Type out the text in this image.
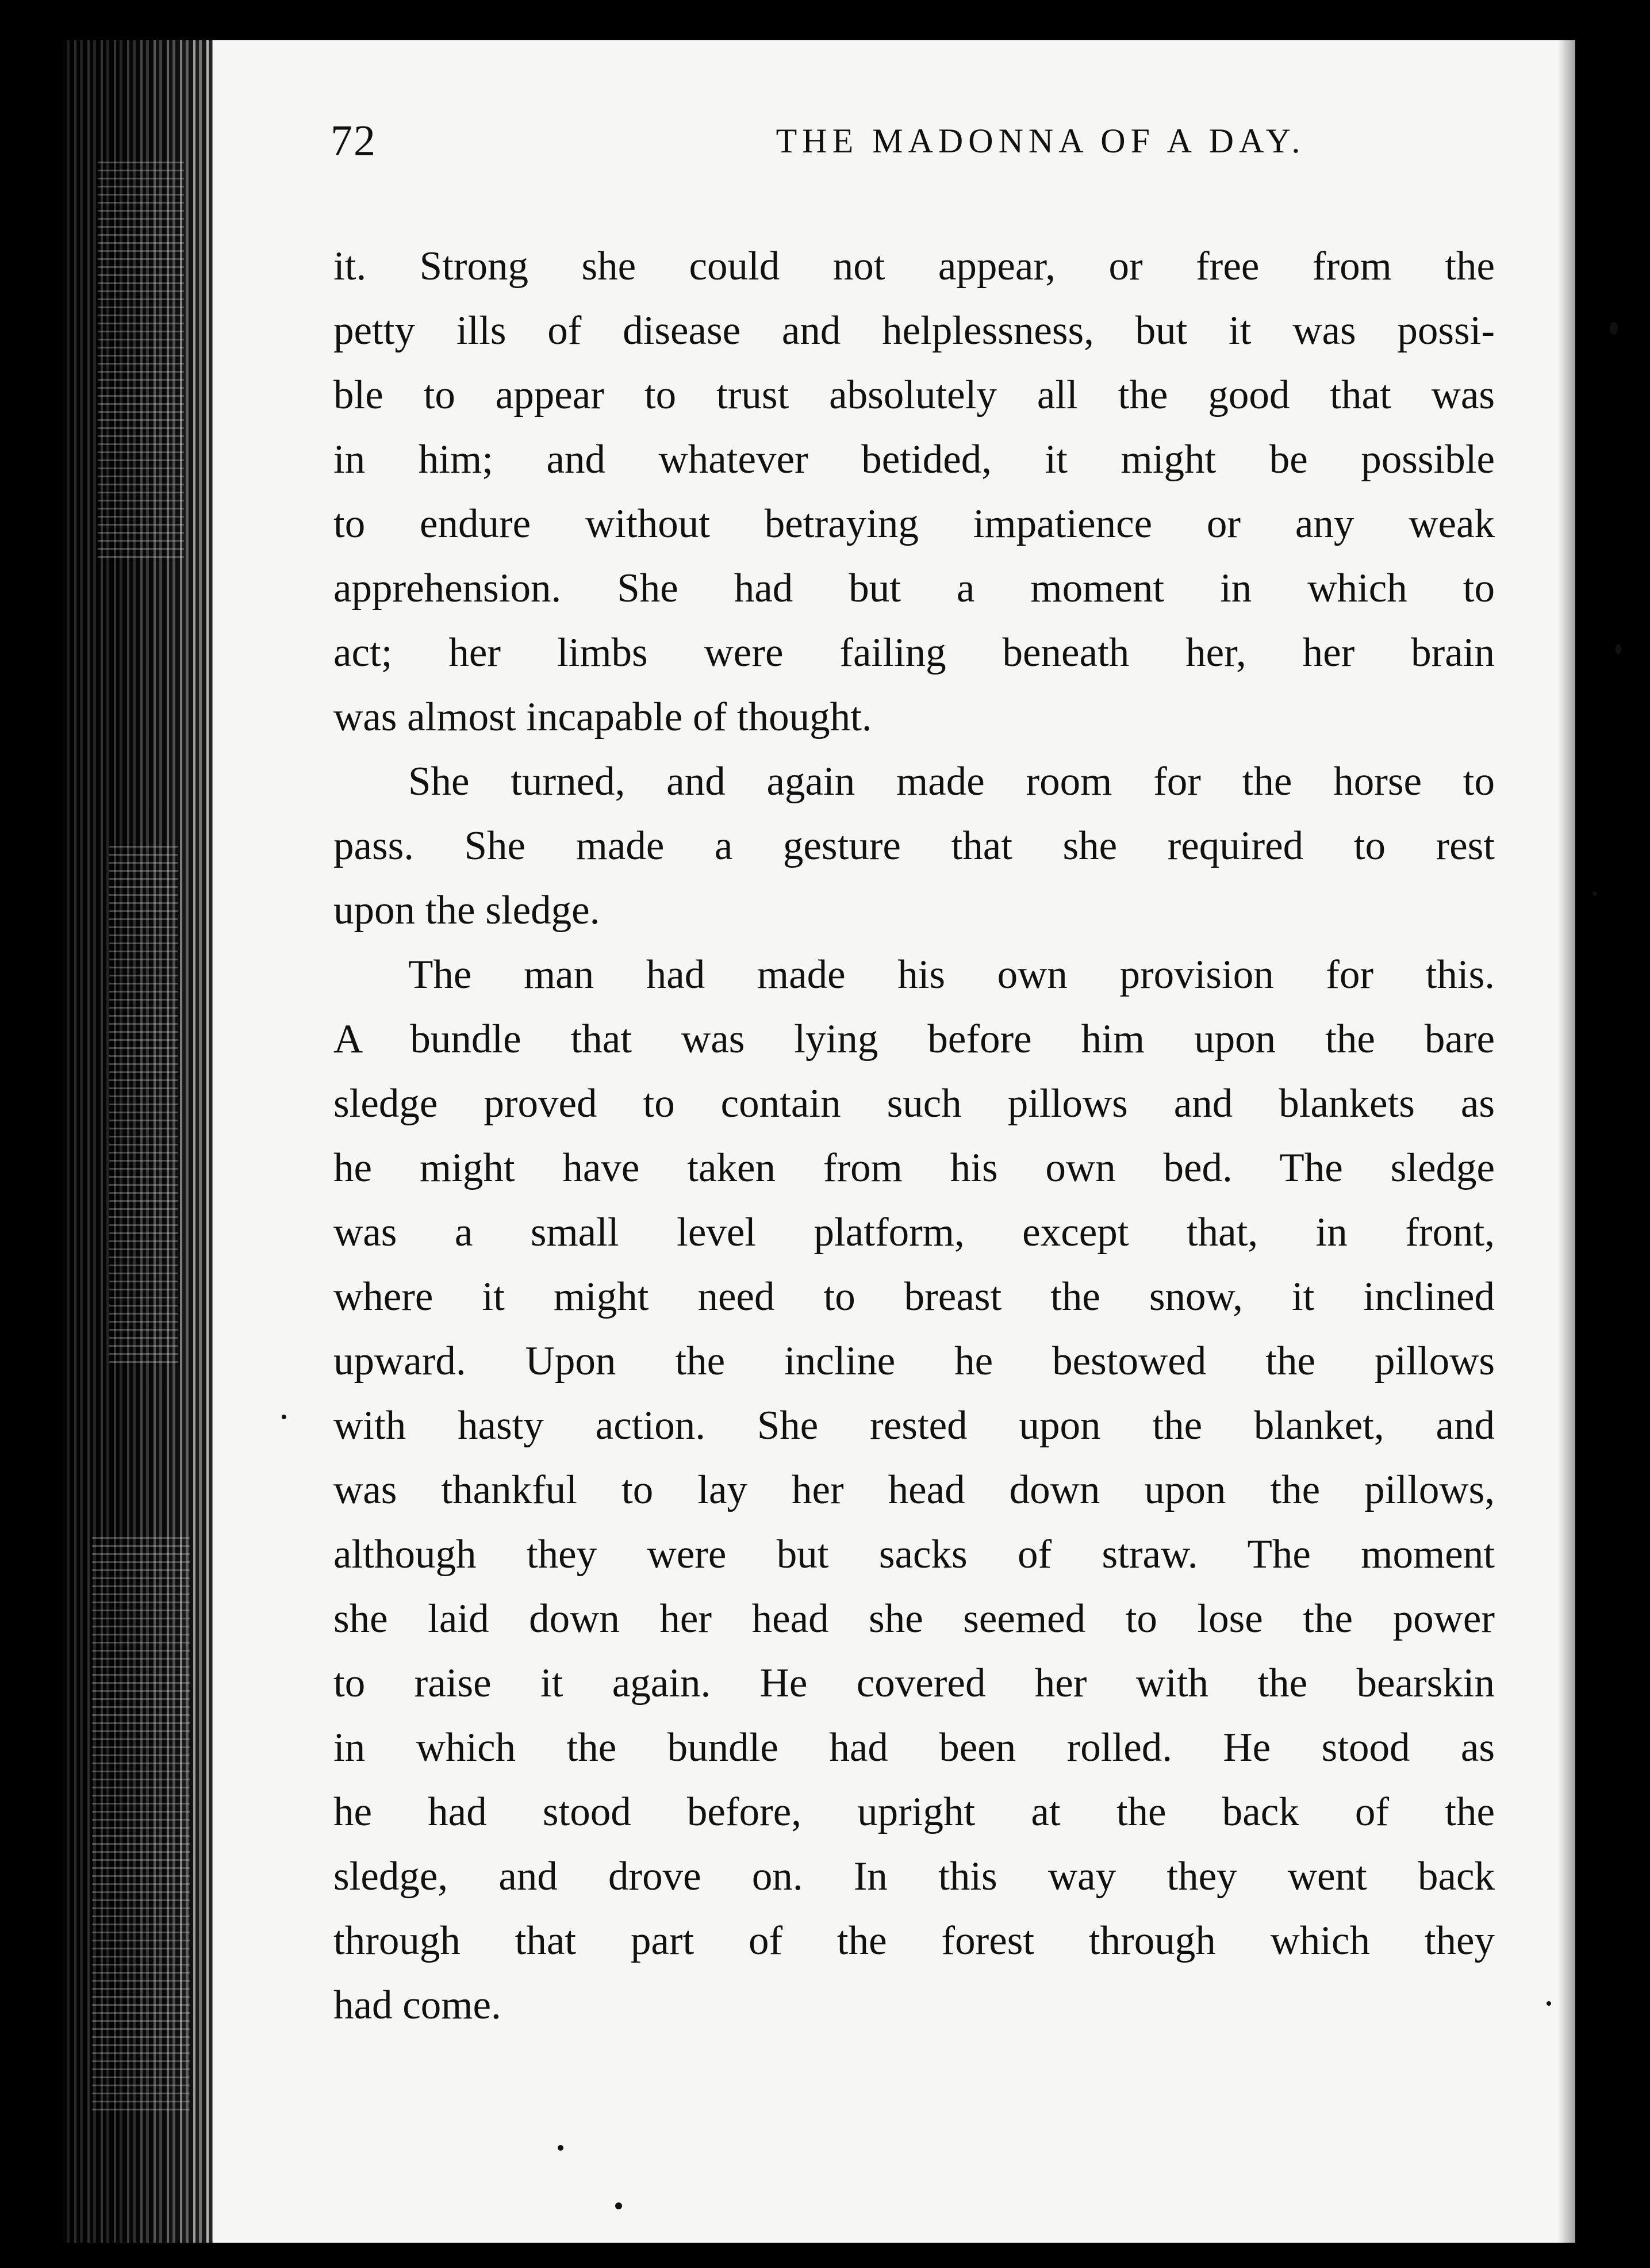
72	THE MADONNA OF A DAY.
it. Strong she could not appear, or free from the
petty ills of disease and helplessness, but it was possi-
ble to appear to trust absolutely all the good that was
in him; and whatever betided, it might be possible
to endure without betraying impatience or any weak
apprehension. She had but a moment in which to
act; her limbs were failing beneath her, her brain
was almost incapable of thought.
She turned, and again made room for the horse to
pass. She made a gesture that she required to rest
upon the sledge.
The man had made his own provision for this.
A bundle that was lying before him upon the bare
sledge proved to contain such pillows and blankets as
he might have taken from his own bed. The sledge
was a small level platform, except that, in front,
where it might need to breast the snow, it inclined
upward. Upon the incline he bestowed the pillows
with hasty action. She rested upon the blanket, and
was thankful to lay her head down upon the pillows,
although they were but sacks of straw. The moment
she laid down her head she seemed to lose the power
to raise it again. He covered her with the bearskin
in which the bundle had been rolled. He stood as
he had stood before, upright at the back of the
sledge, and drove on. In this way they went back
through that part of the forest through which they
had come.
